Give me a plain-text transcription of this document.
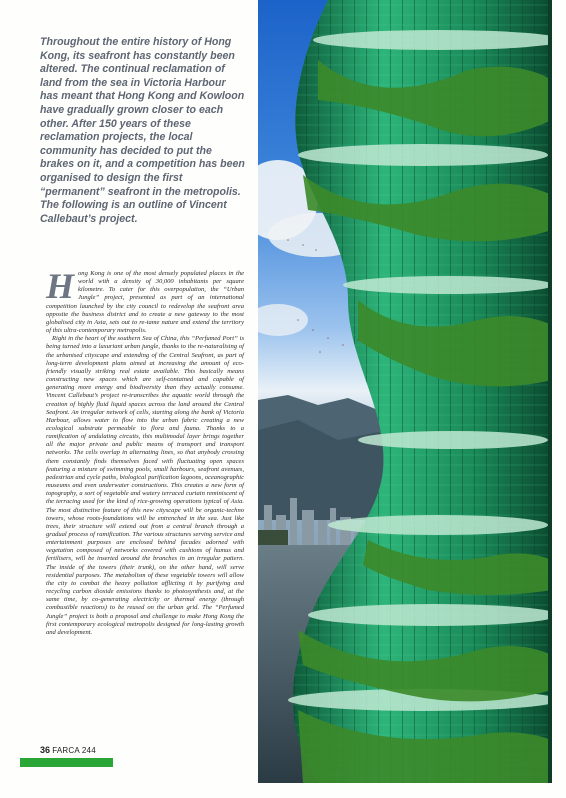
Throughout the entire history of Hong Kong, its seafront has constantly been altered. The continual reclamation of land from the sea in Victoria Harbour has meant that Hong Kong and Kowloon have gradually grown closer to each other. After 150 years of these reclamation projects, the local community has decided to put the brakes on it, and a competition has been organised to design the first “permanent” seafront in the metropolis. The following is an outline of Vincent Callebaut’s project.

Hong Kong is one of the most densely populated places in the world with a density of 30,000 inhabitants per square kilometre. To cater for this overpopulation, the “Urban Jungle” project, presented as part of an international competition launched by the city council to redevelop the seafront area opposite the business district and to create a new gateway to the most globalised city in Asia, sets out to re-tame nature and extend the territory of this ultra-contemporary metropolis.

Right in the heart of the southern Sea of China, this “Perfumed Port” is being turned into a luxuriant urban jungle, thanks to the re-naturalising of the urbanised cityscape and extending of the Central Seafront, as part of long-term development plans aimed at increasing the amount of eco-friendly visually striking real estate available. This basically means constructing new spaces which are self-contained and capable of generating more energy and biodiversity than they actually consume. Vincent Callebaut’s project re-transcribes the aquatic world through the creation of highly fluid liquid spaces across the land around the Central Seafront. An irregular network of cells, starting along the bank of Victoria Harbour, allows water to flow into the urban fabric creating a new ecological substrate permeable to flora and fauna. Thanks to a ramification of undulating circuits, this multimodal layer brings together all the major private and public means of transport and transport networks. The cells overlap in alternating lines, so that anybody crossing them constantly finds themselves faced with fluctuating open spaces featuring a mixture of swimming pools, small harbours, seafront avenues, pedestrian and cycle paths, biological purification lagoons, oceanographic museums and even underwater constructions. This creates a new form of topography, a sort of vegetable and watery terraced curtain reminiscent of the terracing used for the kind of rice-growing operations typical of Asia. The most distinctive feature of this new cityscape will be organic-techno towers, whose roots-foundations will be entrenched in the sea. Just like trees, their structure will extend out from a central branch through a gradual process of ramification. The various structures serving service and entertainment purposes are enclosed behind facades adorned with vegetation composed of networks covered with cushions of humus and fertilisers, will be inserted around the branches in an irregular pattern. The inside of the towers (their trunk), on the other hand, will serve residential purposes. The metabolism of these vegetable towers will allow the city to combat the heavy pollution afflicting it by purifying and recycling carbon dioxide emissions thanks to photosynthesis and, at the same time, by co-generating electricity or thermal energy (through combustible reactions) to be reused on the urban grid. The “Perfumed Jungle” project is both a proposal and challenge to make Hong Kong the first contemporary ecological metropolis designed for long-lasting growth and development.

36 FARCA 244
